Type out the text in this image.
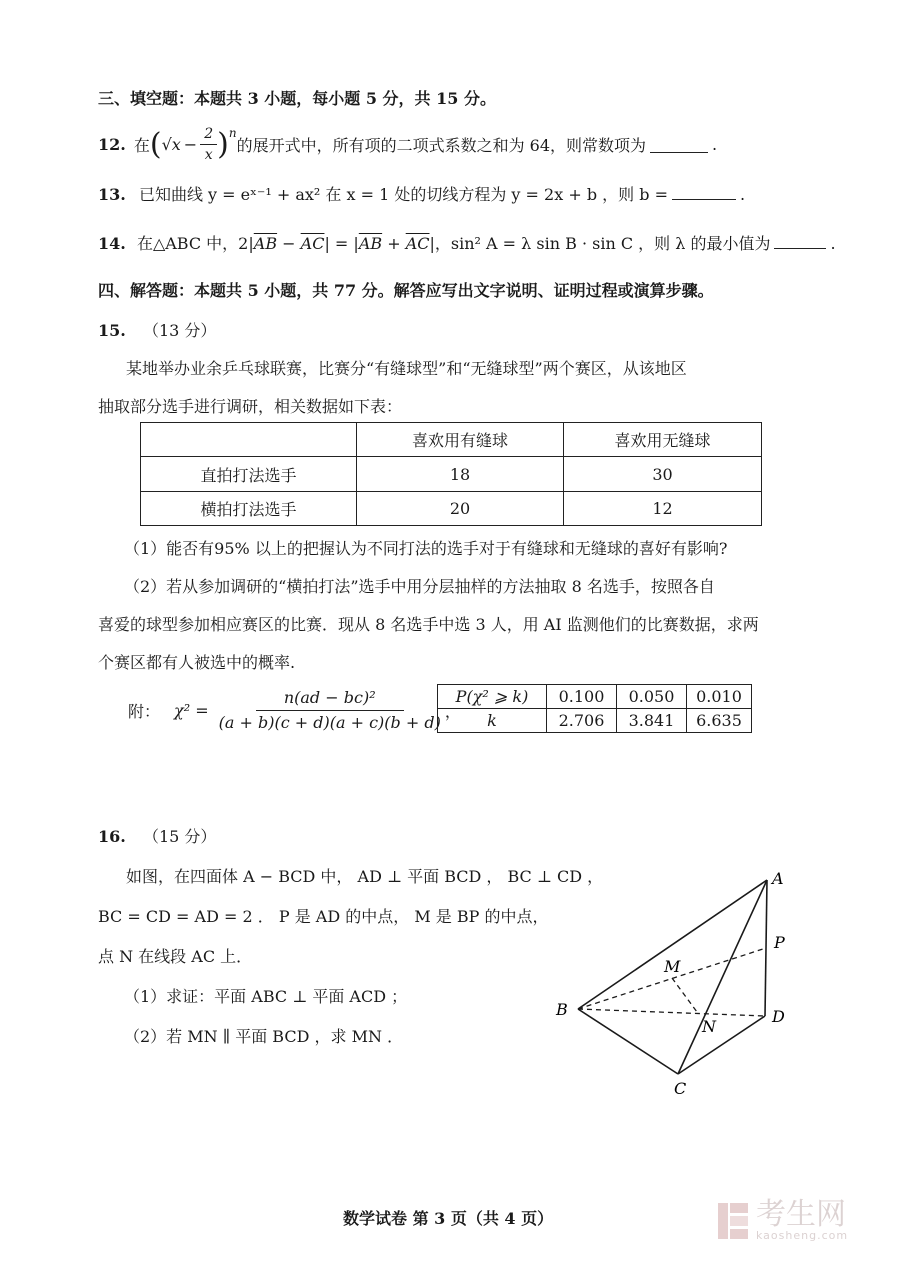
三、填空题：本题共 3 小题，每小题 5 分，共 15 分。
12. 在 ( $√x - \frac{2}{x}$ ) n
的展开式中，所有项的二项式系数之和为 64，则常数项为	.
13. 已知曲线 y = eˣ⁻¹ + ax² 在 x = 1 处的切线方程为 y = 2x + b ，则 b =	.
14. 在△ABC 中，$2|\overline{AB} - \overline{AC}| = |\overline{AB} + \overline{AC}|$，sin² A = λ sin B · sin C ，则 λ 的最小值为	.
四、解答题：本题共 5 小题，共 77 分。解答应写出文字说明、证明过程或演算步骤。
15. （13 分）
某地举办业余乒乓球联赛，比赛分“有缝球型”和“无缝球型”两个赛区，从该地区
抽取部分选手进行调研，相关数据如下表：
	喜欢用有缝球	喜欢用无缝球
直拍打法选手	18	30
横拍打法选手	20	12
（1）能否有95% 以上的把握认为不同打法的选手对于有缝球和无缝球的喜好有影响?
（2）若从参加调研的“横拍打法”选手中用分层抽样的方法抽取 8 名选手，按照各自
喜爱的球型参加相应赛区的比赛．现从 8 名选手中选 3 人，用 AI 监测他们的比赛数据，求两
个赛区都有人被选中的概率.
附： $\chi^2 = \frac{\text{n(ad − bc)²}}{(a + b)(c + d)(a + c)(b + d)}$ ，
P(χ² ⩾ k)	0.100	0.050	0.010
k	2.706	3.841	6.635
16. （15 分）
如图，在四面体 A − BCD 中， AD ⊥ 平面 BCD ， BC ⊥ CD ，
BC = CD = AD = 2 ． P 是 AD 的中点， M 是 BP 的中点，
点 N 在线段 AC 上．
（1）求证：平面 ABC ⊥ 平面 ACD ；
（2）若 MN ∥ 平面 BCD ，求 MN ．
A
P
M
B
N
D
C
数学试卷 第 3 页（共 4 页）	考生网
kaosheng.com
